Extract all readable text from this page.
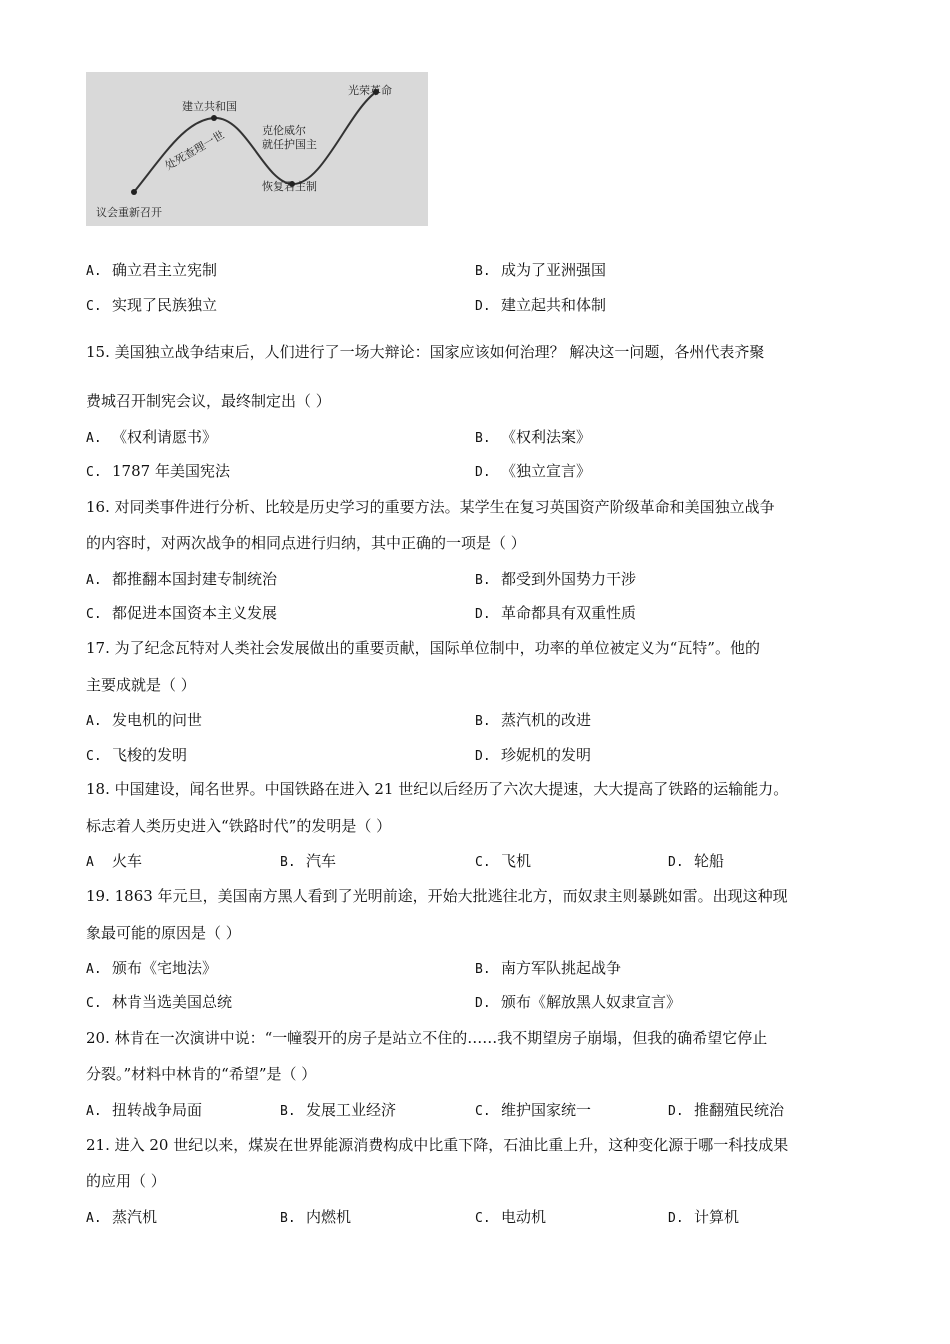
议会重新召开
处死查理一世
建立共和国
克伦威尔
就任护国主
恢复君主制
光荣革命
A. 确立君主立宪制	B. 成为了亚洲强国
C. 实现了民族独立	D. 建立起共和体制
15. 美国独立战争结束后，人们进行了一场大辩论：国家应该如何治理？ 解决这一问题，各州代表齐聚
费城召开制宪会议，最终制定出（ ）
A. 《权利请愿书》	B. 《权利法案》
C. 1787 年美国宪法	D. 《独立宣言》
16. 对同类事件进行分析、比较是历史学习的重要方法。某学生在复习英国资产阶级革命和美国独立战争
的内容时，对两次战争的相同点进行归纳，其中正确的一项是（ ）
A. 都推翻本国封建专制统治	B. 都受到外国势力干涉
C. 都促进本国资本主义发展	D. 革命都具有双重性质
17. 为了纪念瓦特对人类社会发展做出的重要贡献，国际单位制中，功率的单位被定义为“瓦特”。他的
主要成就是（ ）
A. 发电机的问世	B. 蒸汽机的改进
C. 飞梭的发明	D. 珍妮机的发明
18. 中国建设，闻名世界。中国铁路在进入 21 世纪以后经历了六次大提速，大大提高了铁路的运输能力。
标志着人类历史进入“铁路时代”的发明是（ ）
A 火车	B. 汽车	C. 飞机	D. 轮船
19. 1863 年元旦，美国南方黑人看到了光明前途，开始大批逃往北方，而奴隶主则暴跳如雷。出现这种现
象最可能的原因是（ ）
A. 颁布《宅地法》	B. 南方军队挑起战争
C. 林肯当选美国总统	D. 颁布《解放黑人奴隶宣言》
20. 林肯在一次演讲中说：“一幢裂开的房子是站立不住的……我不期望房子崩塌，但我的确希望它停止
分裂。”材料中林肯的“希望”是（ ）
A. 扭转战争局面	B. 发展工业经济	C. 维护国家统一	D. 推翻殖民统治
21. 进入 20 世纪以来，煤炭在世界能源消费构成中比重下降，石油比重上升，这种变化源于哪一科技成果
的应用（ ）
A. 蒸汽机	B. 内燃机	C. 电动机	D. 计算机
